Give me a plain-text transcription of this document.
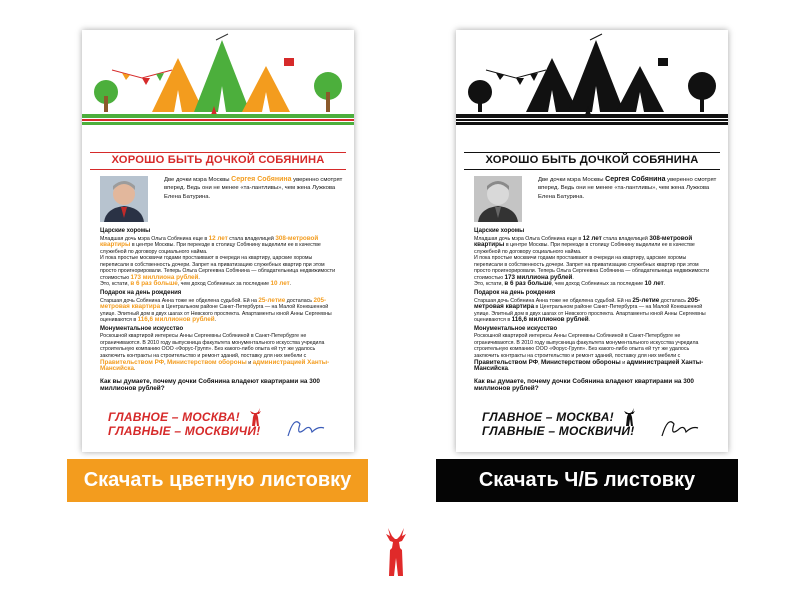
ХОРОШО БЫТЬ ДОЧКОЙ СОБЯНИНА
Две дочки мэра Москвы Сергея Собянина уверенно смотрят вперед. Ведь они не менее «та-лантливы», чем жена Лужкова Елена Батурина.
Царские хоромы

Младшая дочь мэра Ольга Собянина еще в 12 лет стала владелицей 308-метровой квартиры в центре Москвы. При переезде в столицу Собянину выделили ее в качестве служебной по договору социального найма.

И пока простые москвичи годами простаивают в очереди на квартиру, царские хоромы переписали в собственность дочери. Запрет на приватизацию служебных квартир при этом просто проигнорировали. Теперь Ольга Сергеевна Собянина — обладательница недвижимости стоимостью 173 миллиона рублей.

Это, кстати, в 6 раз больше, чем доход Собяниных за последние 10 лет.

Подарок на день рождения

Старшая дочь Собянина Анна тоже не обделена судьбой. Ей на 25-летие досталась 205-метровая квартира в Центральном районе Санкт-Петербурга — на Малой Конюшенной улице. Элитный дом в двух шагах от Невского проспекта. Апартаменты юной Анны Сергеевны оцениваются в 116,6 миллионов рублей.

Монументальное искусство

Роскошной квартирой интересы Анны Сергеевны Собяниной в Санкт-Петербурге не ограничиваются. В 2010 году выпускница факультета монументального искусства учредила строительную компанию ООО «Форус-Групп». Без какого-либо опыта ей тут же удалось заключить контракты на строительство и ремонт зданий, поставку для них мебели с Правительством РФ, Министерством обороны и администрацией Ханты-Мансийска.

Как вы думаете, почему дочки Собянина владеют квартирами на 300 миллионов рублей?

ГЛАВНОЕ – МОСКВА!
ГЛАВНЫЕ – МОСКВИЧИ!
ХОРОШО БЫТЬ ДОЧКОЙ СОБЯНИНА
Две дочки мэра Москвы Сергея Собянина уверенно смотрят вперед. Ведь они не менее «та-лантливы», чем жена Лужкова Елена Батурина.
Царские хоромы

Младшая дочь мэра Ольга Собянина еще в 12 лет стала владелицей 308-метровой квартиры в центре Москвы. При переезде в столицу Собянину выделили ее в качестве служебной по договору социального найма.

И пока простые москвичи годами простаивают в очереди на квартиру, царские хоромы переписали в собственность дочери. Запрет на приватизацию служебных квартир при этом просто проигнорировали. Теперь Ольга Сергеевна Собянина — обладательница недвижимости стоимостью 173 миллиона рублей.

Это, кстати, в 6 раз больше, чем доход Собяниных за последние 10 лет.

Подарок на день рождения

Старшая дочь Собянина Анна тоже не обделена судьбой. Ей на 25-летие досталась 205-метровая квартира в Центральном районе Санкт-Петербурга — на Малой Конюшенной улице. Элитный дом в двух шагах от Невского проспекта. Апартаменты юной Анны Сергеевны оцениваются в 116,6 миллионов рублей.

Монументальное искусство

Роскошной квартирой интересы Анны Сергеевны Собяниной в Санкт-Петербурге не ограничиваются. В 2010 году выпускница факультета монументального искусства учредила строительную компанию ООО «Форус-Групп». Без какого-либо опыта ей тут же удалось заключить контракты на строительство и ремонт зданий, поставку для них мебели с Правительством РФ, Министерством обороны и администрацией Ханты-Мансийска.

Как вы думаете, почему дочки Собянина владеют квартирами на 300 миллионов рублей?

ГЛАВНОЕ – МОСКВА!
ГЛАВНЫЕ – МОСКВИЧИ!
Скачать цветную листовку	Скачать Ч/Б листовку
